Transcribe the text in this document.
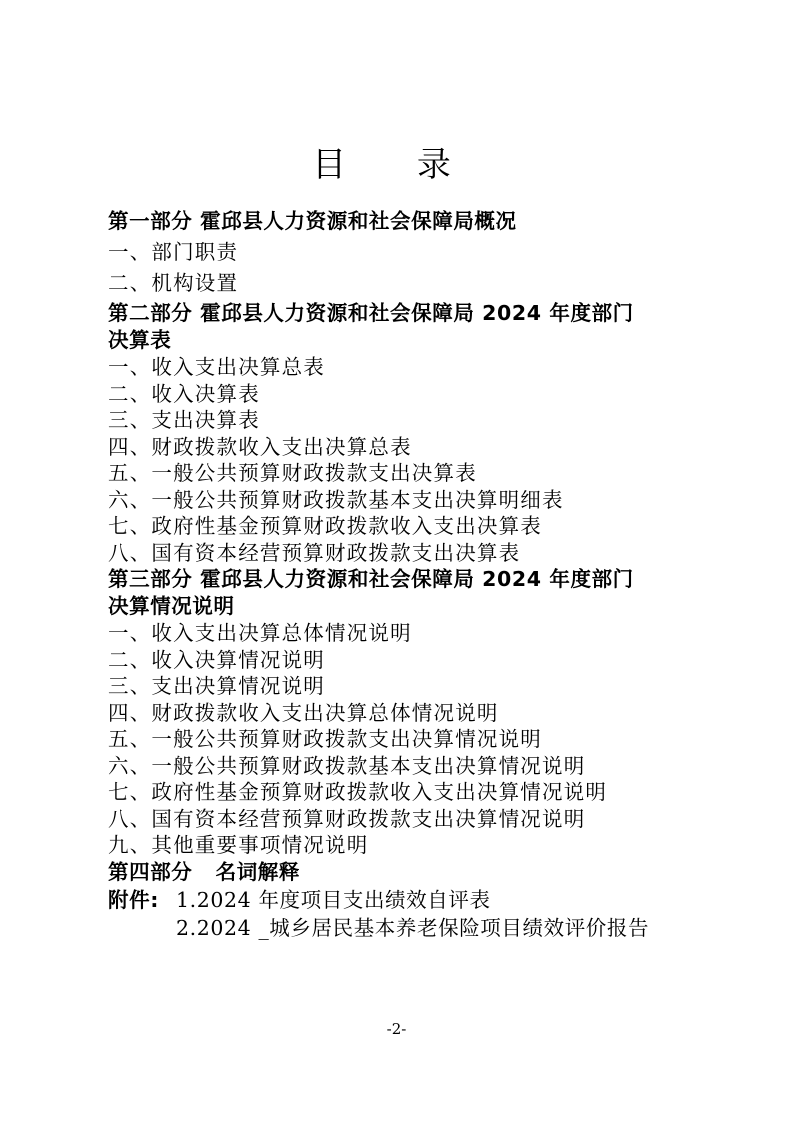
目 录

第一部分 霍邱县人力资源和社会保障局概况

一、部门职责

二、机构设置

第二部分 霍邱县人力资源和社会保障局 2024 年度部门

决算表

一、收入支出决算总表

二、收入决算表

三、支出决算表

四、财政拨款收入支出决算总表

五、一般公共预算财政拨款支出决算表

六、一般公共预算财政拨款基本支出决算明细表

七、政府性基金预算财政拨款收入支出决算表

八、国有资本经营预算财政拨款支出决算表

第三部分 霍邱县人力资源和社会保障局 2024 年度部门

决算情况说明

一、收入支出决算总体情况说明

二、收入决算情况说明

三、支出决算情况说明

四、财政拨款收入支出决算总体情况说明

五、一般公共预算财政拨款支出决算情况说明

六、一般公共预算财政拨款基本支出决算情况说明

七、政府性基金预算财政拨款收入支出决算情况说明

八、国有资本经营预算财政拨款支出决算情况说明

九、其他重要事项情况说明

第四部分   名词解释

附件: 1.2024 年度项目支出绩效自评表

2.2024 _城乡居民基本养老保险项目绩效评价报告

-2-
